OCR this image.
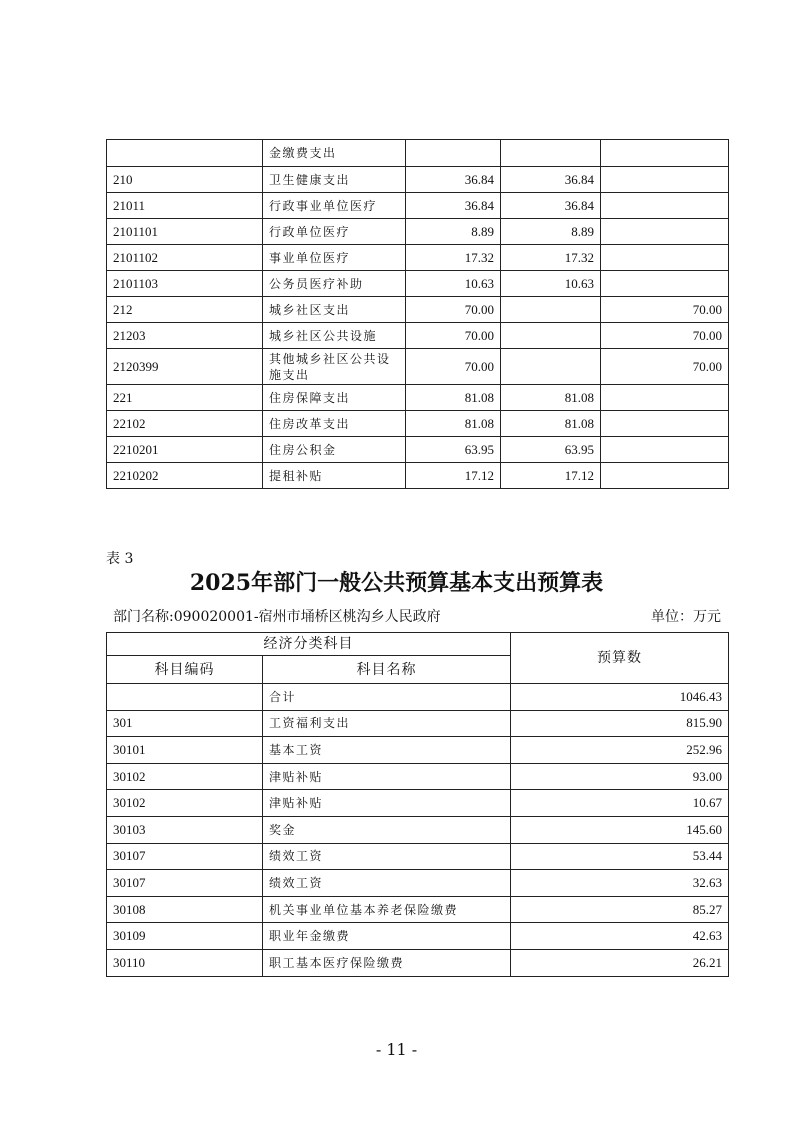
	金缴费支出			
210	卫生健康支出	36.84	36.84	
21011	行政事业单位医疗	36.84	36.84	
2101101	行政单位医疗	8.89	8.89	
2101102	事业单位医疗	17.32	17.32	
2101103	公务员医疗补助	10.63	10.63	
212	城乡社区支出	70.00		70.00
21203	城乡社区公共设施	70.00		70.00
2120399	其他城乡社区公共设施支出	70.00		70.00
221	住房保障支出	81.08	81.08	
22102	住房改革支出	81.08	81.08	
2210201	住房公积金	63.95	63.95	
2210202	提租补贴	17.12	17.12	
表 3
2025年部门一般公共预算基本支出预算表
部门名称:090020001-宿州市埇桥区桃沟乡人民政府	单位：万元
经济分类科目		预算数
科目编码	科目名称	
	合计	1046.43
301	工资福利支出	815.90
30101	基本工资	252.96
30102	津贴补贴	93.00
30102	津贴补贴	10.67
30103	奖金	145.60
30107	绩效工资	53.44
30107	绩效工资	32.63
30108	机关事业单位基本养老保险缴费	85.27
30109	职业年金缴费	42.63
30110	职工基本医疗保险缴费	26.21
- 11 -
